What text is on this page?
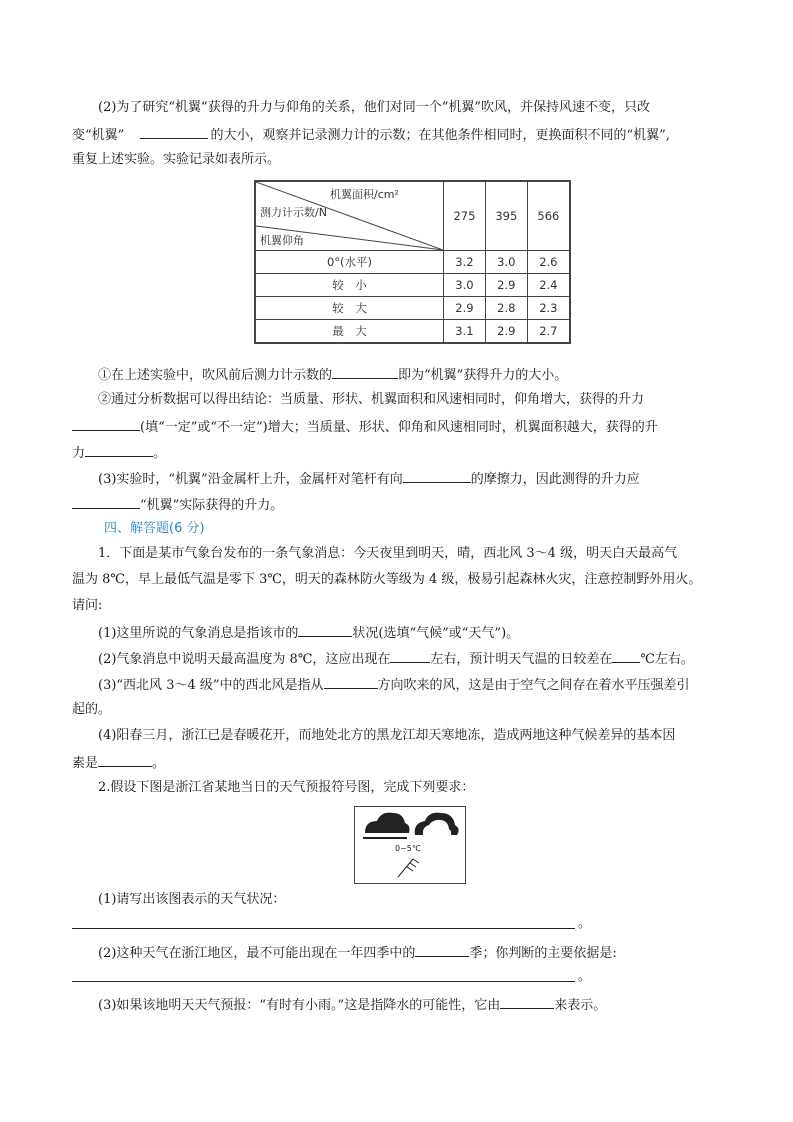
(2)为了研究“机翼”获得的升力与仰角的关系，他们对同一个“机翼”吹风，并保持风速不变，只改
变“机翼”	的大小，观察并记录测力计的示数；在其他条件相同时，更换面积不同的“机翼”,
重复上述实验。实验记录如表所示。
机翼面积/cm²
测力计示数/N
机翼仰角	275	395	566
0°(水平)	3.2	3.0	2.6
较　小	3.0	2.9	2.4
较　大	2.9	2.8	2.3
最　大	3.1	2.9	2.7
①在上述实验中，吹风前后测力计示数的	即为“机翼”获得升力的大小。
②通过分析数据可以得出结论：当质量、形状、机翼面积和风速相同时，仰角增大，获得的升力
(填“一定”或“不一定”)增大；当质量、形状、仰角和风速相同时，机翼面积越大，获得的升
力	。
(3)实验时，“机翼”沿金属杆上升，金属杆对笔杆有向	的摩擦力，因此测得的升力应
“机翼”实际获得的升力。
四、解答题(6 分)
1．下面是某市气象台发布的一条气象消息：今天夜里到明天，晴，西北风 3～4 级，明天白天最高气
温为 8℃，早上最低气温是零下 3℃，明天的森林防火等级为 4 级，极易引起森林火灾，注意控制野外用火。
请问:
(1)这里所说的气象消息是指该市的	状况(选填“气候”或“天气”)。
(2)气象消息中说明天最高温度为 8℃，这应出现在	左右，预计明天气温的日较差在 ℃左右。
(3)“西北风 3～4 级”中的西北风是指从	方向吹来的风，这是由于空气之间存在着水平压强差引
起的。
(4)阳春三月，浙江已是春暖花开，而地处北方的黑龙江却天寒地冻，造成两地这种气候差异的基本因
素是	。
2.假设下图是浙江省某地当日的天气预报符号图，完成下列要求：
0~5℃
(1)请写出该图表示的天气状况：
。
(2)这种天气在浙江地区，最不可能出现在一年四季中的	季；你判断的主要依据是:
。
(3)如果该地明天天气预报：“有时有小雨。”这是指降水的可能性，它由	来表示。
